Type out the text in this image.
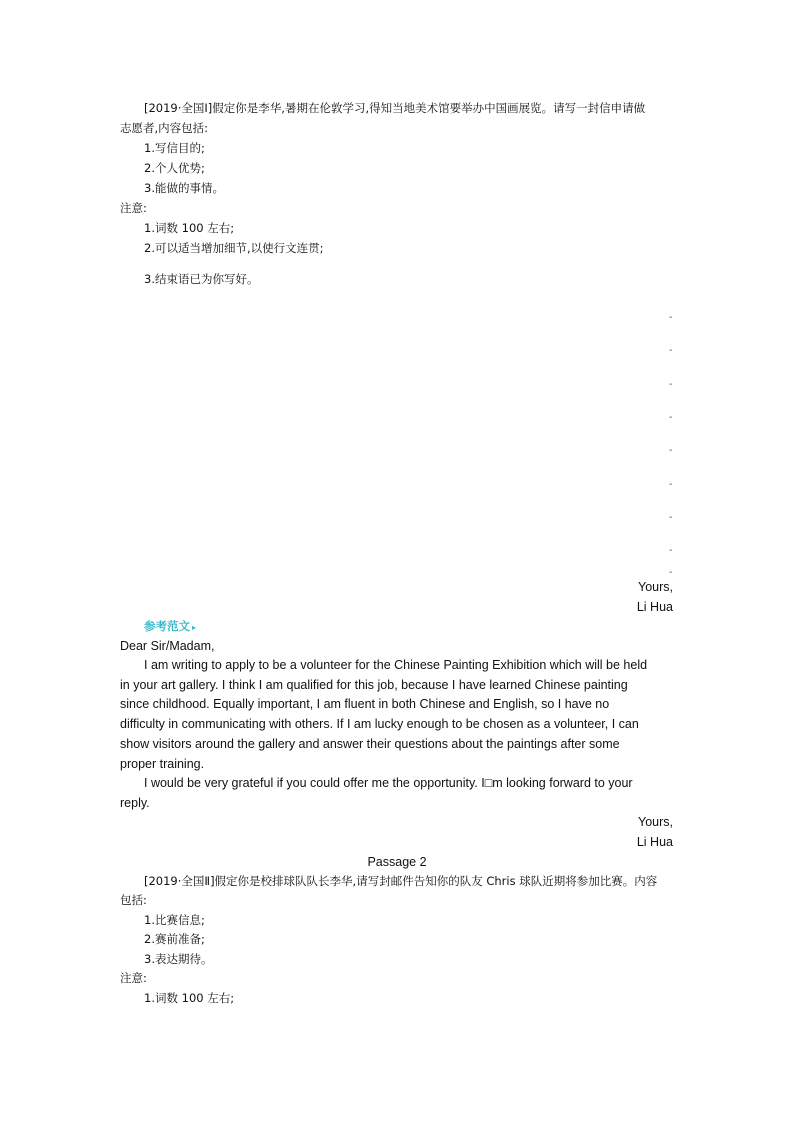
[2019·全国Ⅰ]假定你是李华,暑期在伦敦学习,得知当地美术馆要举办中国画展览。请写一封信申请做
志愿者,内容包括:
1.写信目的;
2.个人优势;
3.能做的事情。
注意:
1.词数 100 左右;
2.可以适当增加细节,以使行文连贯;
3.结束语已为你写好。
-
-
-
-
-
-
-
-
-
Yours,
Li Hua
参考范文 ▸
Dear Sir/Madam,
I am writing to apply to be a volunteer for the Chinese Painting Exhibition which will be held
in your art gallery. I think I am qualified for this job, because I have learned Chinese painting
since childhood. Equally important, I am fluent in both Chinese and English, so I have no
difficulty in communicating with others. If I am lucky enough to be chosen as a volunteer, I can
show visitors around the gallery and answer their questions about the paintings after some
proper training.
I would be very grateful if you could offer me the opportunity. I□m looking forward to your
reply.
Yours,
Li Hua
Passage 2
[2019·全国Ⅱ]假定你是校排球队队长李华,请写封邮件告知你的队友 Chris 球队近期将参加比赛。内容
包括:
1.比赛信息;
2.赛前准备;
3.表达期待。
注意:
1.词数 100 左右;
